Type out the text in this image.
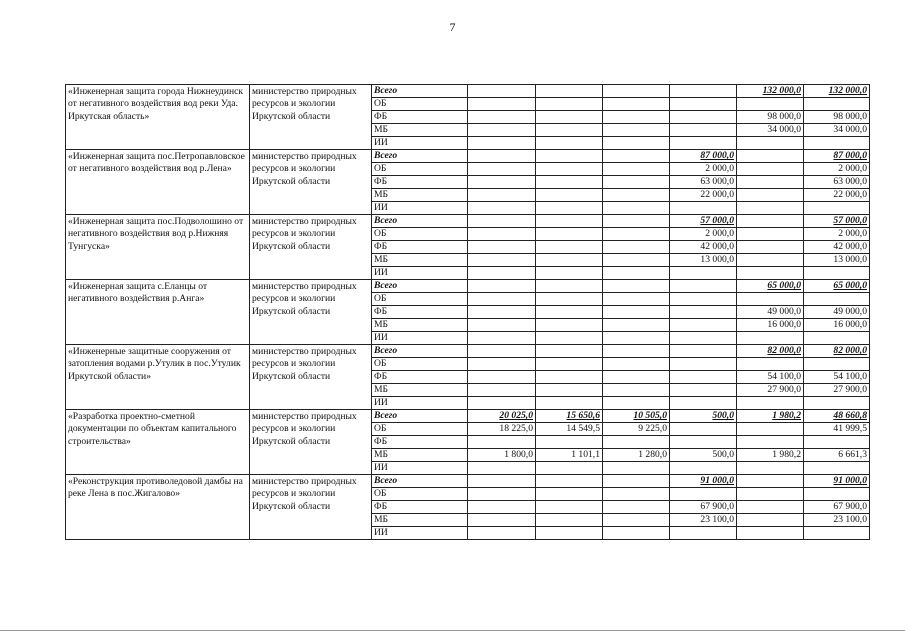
7
«Инженерная защита города Нижнеудинск от негативного воздействия вод реки Уда. Иркутская область»	министерство природных ресурсов и экологии Иркутской области	Всего					132 000,0	132 000,0
		ОБ						
		ФБ					98 000,0	98 000,0
		МБ					34 000,0	34 000,0
		ИИ						
«Инженерная защита пос.Петропавловское от негативного воздействия вод р.Лена»	министерство природных ресурсов и экологии Иркутской области	Всего				87 000,0		87 000,0
		ОБ				2 000,0		2 000,0
		ФБ				63 000,0		63 000,0
		МБ				22 000,0		22 000,0
		ИИ						
«Инженерная защита пос.Подволошино от негативного воздействия вод р.Нижняя Тунгуска»	министерство природных ресурсов и экологии Иркутской области	Всего				57 000,0		57 000,0
		ОБ				2 000,0		2 000,0
		ФБ				42 000,0		42 000,0
		МБ				13 000,0		13 000,0
		ИИ						
«Инженерная защита с.Еланцы от негативного воздействия р.Анга»	министерство природных ресурсов и экологии Иркутской области	Всего					65 000,0	65 000,0
		ОБ						
		ФБ					49 000,0	49 000,0
		МБ					16 000,0	16 000,0
		ИИ						
«Инженерные защитные сооружения от затопления водами р.Утулик в пос.Утулик Иркутской области»	министерство природных ресурсов и экологии Иркутской области	Всего					82 000,0	82 000,0
		ОБ						
		ФБ					54 100,0	54 100,0
		МБ					27 900,0	27 900,0
		ИИ						
«Разработка проектно-сметной документации по объектам капитального строительства»	министерство природных ресурсов и экологии Иркутской области	Всего	20 025,0	15 650,6	10 505,0	500,0	1 980,2	48 660,8
		ОБ	18 225,0	14 549,5	9 225,0			41 999,5
		ФБ						
		МБ	1 800,0	1 101,1	1 280,0	500,0	1 980,2	6 661,3
		ИИ						
«Реконструкция противоледовой дамбы на реке Лена в пос.Жигалово»	министерство природных ресурсов и экологии Иркутской области	Всего				91 000,0		91 000,0
		ОБ						
		ФБ				67 900,0		67 900,0
		МБ				23 100,0		23 100,0
		ИИ						
